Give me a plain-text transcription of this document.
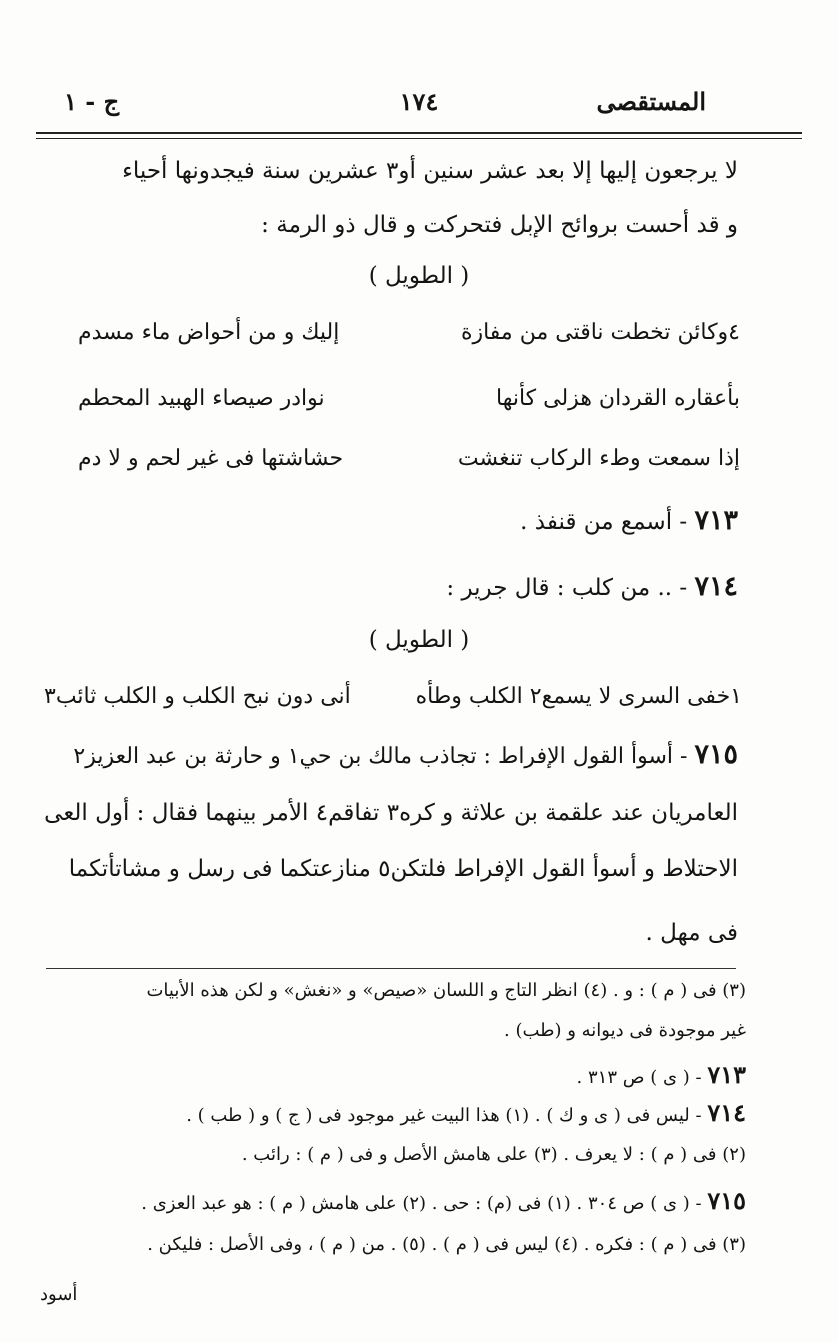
المستقصى
١٧٤
ج - ١
لا يرجعون إليها إلا بعد عشر سنين أو٣ عشرين سنة فيجدونها أحياء
و قد أحست بروائح الإبل فتحركت و قال ذو الرمة :
( الطويل )
٤وكائن تخطت ناقتى من مفازة
إليك و من أحواض ماء مسدم
بأعقاره القردان هزلى كأنها
نوادر صيصاء الهبيد المحطم
إذا سمعت وطء الركاب تنغشت
حشاشتها فى غير لحم و لا دم
٧١٣ - أسمع من قنفذ .
٧١٤ - .. من كلب : قال جرير :
( الطويل )
١خفى السرى لا يسمع٢ الكلب وطأه
أنى دون نبح الكلب و الكلب ثائب٣
٧١٥ - أسوأ القول الإفراط : تجاذب مالك بن حي١ و حارثة بن عبد العزيز٢
العامريان عند علقمة بن علاثة و كره٣ تفاقم٤ الأمر بينهما فقال : أول العى
الاحتلاط و أسوأ القول الإفراط فلتكن٥ منازعتكما فى رسل و مشاتأتكما
فى مهل .
(٣) فى ( م ) : و . (٤) انظر التاج و اللسان «صيص» و «نغش» و لكن هذه الأبيات
غير موجودة فى ديوانه و (طب) .
٧١٣ - ( ى ) ص ٣١٣ .
٧١٤ - ليس فى ( ى و ك ) . (١) هذا البيت غير موجود فى ( ج ) و ( طب ) .
(٢) فى ( م ) : لا يعرف . (٣) على هامش الأصل و فى ( م ) : رائب .
٧١٥ - ( ى ) ص ٣٠٤ . (١) فى (م) : حى . (٢) على هامش ( م ) : هو عبد العزى .
(٣) فى ( م ) : فكره . (٤) ليس فى ( م ) . (٥) . من ( م ) ، وفى الأصل : فليكن .
أسود
